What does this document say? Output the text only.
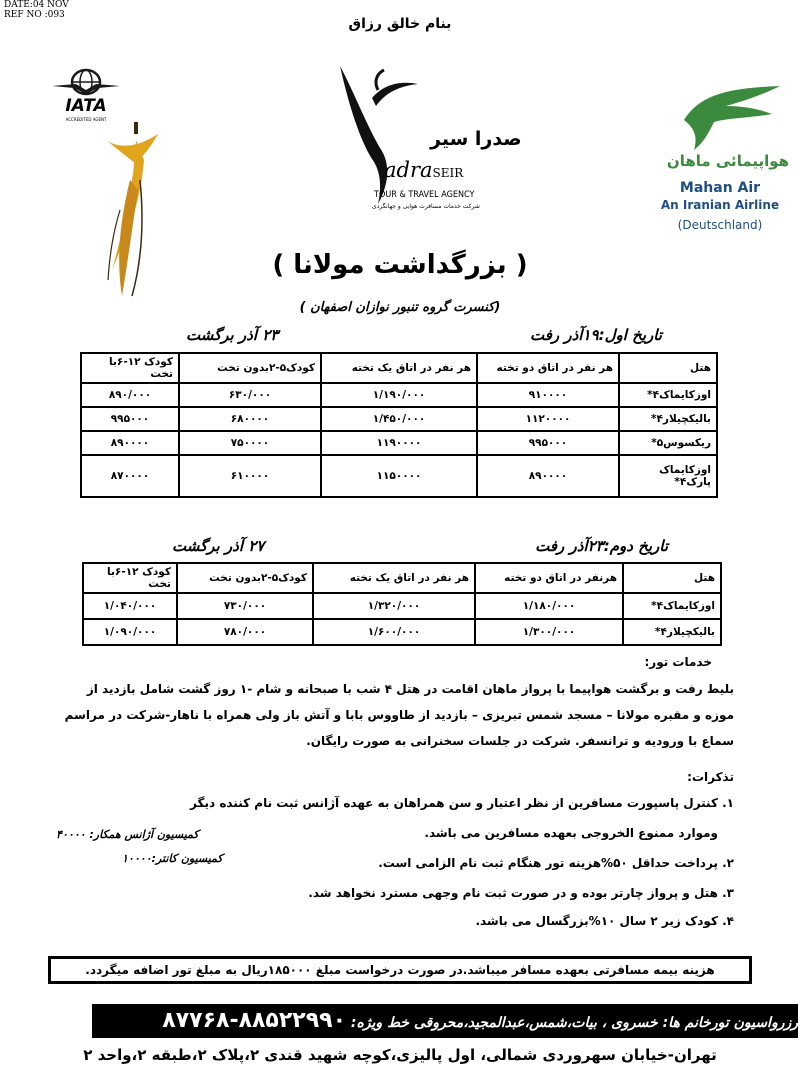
DATE:04 NOV
REF NO :093
بنام خالق رزاق
IATA
ACCREDITED AGENT
صدرا سیر
adraSEIR
TOUR & TRAVEL AGENCY
شرکت خدمات مسافرت هوایی و جهانگردی
هواپیمائی ماهان
Mahan Air
An Iranian Airline
(Deutschland)
( بزرگداشت مولانا )
(کنسرت گروه تنبور نوازان اصفهان )
تاریخ اول:۱۹آذر رفت
۲۳ آذر برگشت
هتل	هر نفر در اتاق دو تخته	هر نفر در اتاق یک تخته	کودک۵-۲بدون تخت	کودک ۱۲-۶با تخت
اوزکایماک۴*	۹۱۰۰۰۰	۱/۱۹۰/۰۰۰	۶۳۰/۰۰۰	۸۹۰/۰۰۰
بالیکچیلار۴*	۱۱۲۰۰۰۰	۱/۴۵۰/۰۰۰	۶۸۰۰۰۰	۹۹۵۰۰۰
ریکسوس۵*	۹۹۵۰۰۰	۱۱۹۰۰۰۰	۷۵۰۰۰۰	۸۹۰۰۰۰
اوزکایماک پارک۴*	۸۹۰۰۰۰	۱۱۵۰۰۰۰	۶۱۰۰۰۰	۸۷۰۰۰۰
تاریخ دوم:۲۳آذر رفت
۲۷ آذر برگشت
هتل	هرنفر در اتاق دو تخته	هر نفر در اتاق یک تخته	کودک۵-۲بدون تخت	کودک ۱۲-۶با تخت
اوزکایماک۴*	۱/۱۸۰/۰۰۰	۱/۳۲۰/۰۰۰	۷۳۰/۰۰۰	۱/۰۴۰/۰۰۰
بالیکچیلار۴*	۱/۳۰۰/۰۰۰	۱/۶۰۰/۰۰۰	۷۸۰/۰۰۰	۱/۰۹۰/۰۰۰
خدمات تور:
بلیط رفت و برگشت هواپیما با پرواز ماهان اقامت در هتل ۴ شب با صبحانه و شام -۱ روز گشت شامل بازدید از موزه و مقبره مولانا – مسجد شمس تبریزی – بازدید از طاووس بابا و آتش باز ولی همراه با ناهار-شرکت در مراسم سماع با ورودیه و ترانسفر. شرکت در جلسات سخنرانی به صورت رایگان.
تذکرات:
۱. کنترل پاسپورت مسافرین از نظر اعتبار و سن همراهان به عهده آژانس ثبت نام کننده دیگر
وموارد ممنوع الخروجی بعهده مسافرین می باشد.
۲. پرداخت حداقل ۵۰%هزینه تور هنگام ثبت نام الزامی است.
۳. هتل و پرواز چارتر بوده و در صورت ثبت نام وجهی مسترد نخواهد شد.
۴. کودک زیر ۲ سال ۱۰%بزرگسال می باشد.
کمیسیون آژانس همکار: ۴۰۰۰۰
کمیسیون کانتر:۱۰۰۰۰
هزینه بیمه مسافرتی بعهده مسافر میباشد.در صورت درخواست مبلغ ۱۸۵۰۰۰ریال به مبلغ تور اضافه میگردد.
رزرواسیون تورخانم ها: خسروی ، بیات،شمس،عبدالمجید،محروقی خط ویژه: ۸۸۵۲۲۹۹۰-۸۷۷۶۸
تهران-خیابان سهروردی شمالی، اول پالیزی،کوچه شهید قندی ۲،پلاک ۲،طبقه ۲،واحد ۲
